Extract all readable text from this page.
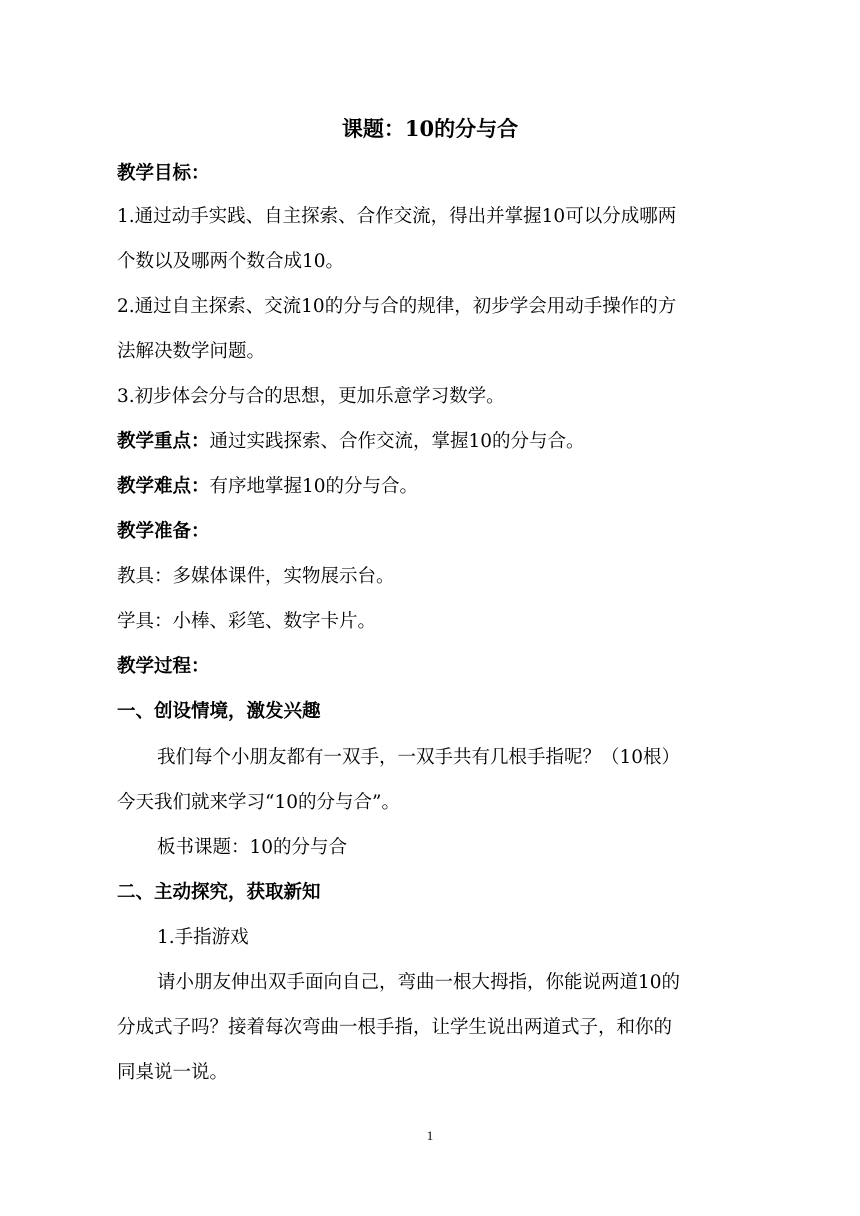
课题：10的分与合
教学目标：
1.通过动手实践、自主探索、合作交流，得出并掌握10可以分成哪两
个数以及哪两个数合成10。
2.通过自主探索、交流10的分与合的规律，初步学会用动手操作的方
法解决数学问题。
3.初步体会分与合的思想，更加乐意学习数学。
教学重点：通过实践探索、合作交流，掌握10的分与合。
教学难点：有序地掌握10的分与合。
教学准备：
教具：多媒体课件，实物展示台。
学具：小棒、彩笔、数字卡片。
教学过程：
一、创设情境，激发兴趣
我们每个小朋友都有一双手，一双手共有几根手指呢？（10根）
今天我们就来学习“10的分与合”。
板书课题：10的分与合
二、主动探究，获取新知
1.手指游戏
请小朋友伸出双手面向自己，弯曲一根大拇指，你能说两道10的
分成式子吗？接着每次弯曲一根手指，让学生说出两道式子，和你的
同桌说一说。
1
